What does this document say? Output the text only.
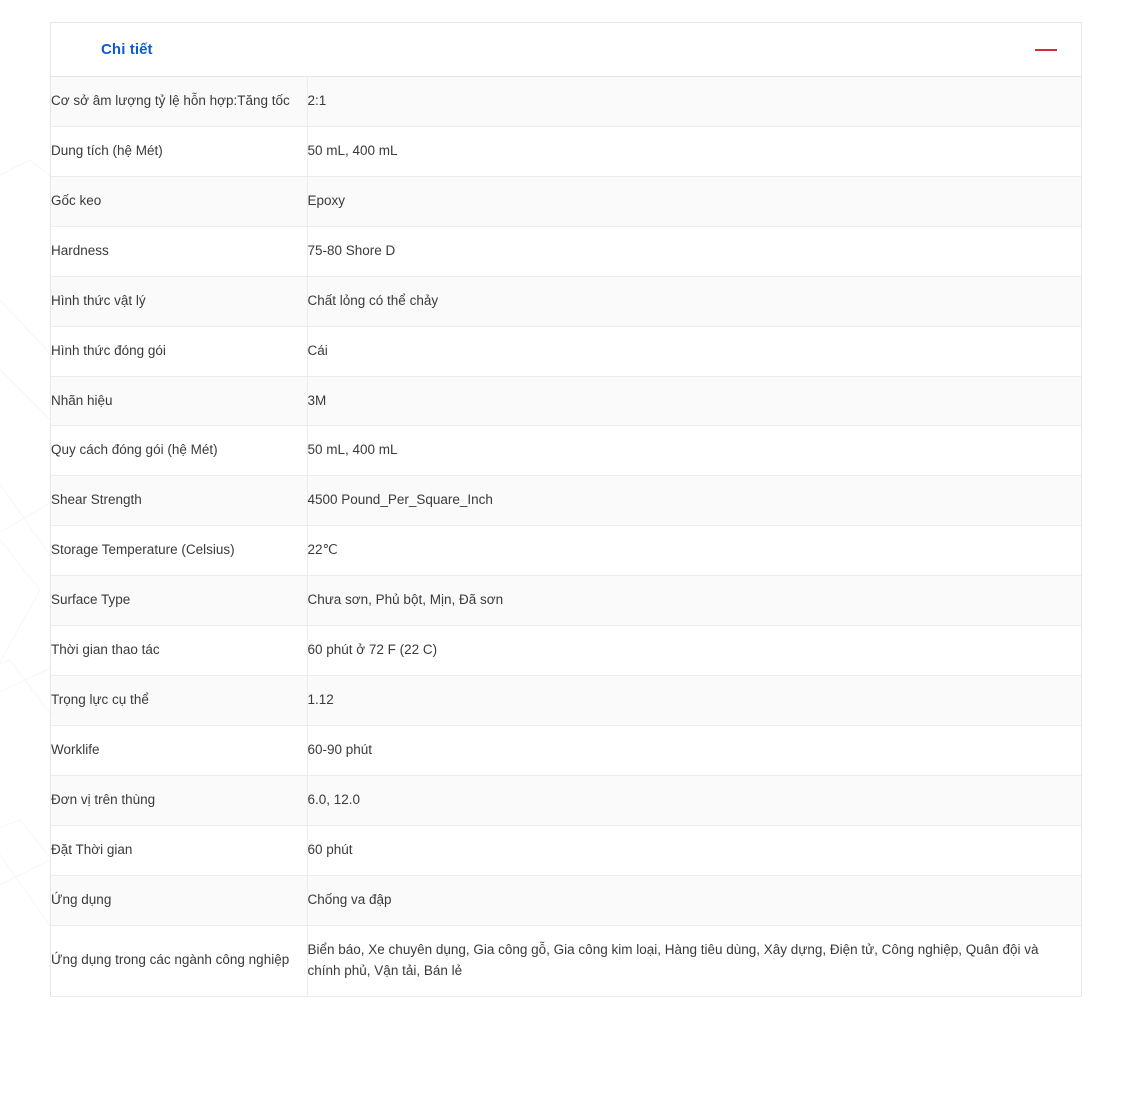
Chi tiết
Cơ sở âm lượng tỷ lệ hỗn hợp:Tăng tốc	2:1
Dung tích (hệ Mét)	50 mL, 400 mL
Gốc keo	Epoxy
Hardness	75-80 Shore D
Hình thức vật lý	Chất lỏng có thể chảy
Hình thức đóng gói	Cái
Nhãn hiệu	3M
Quy cách đóng gói (hệ Mét)	50 mL, 400 mL
Shear Strength	4500 Pound_Per_Square_Inch
Storage Temperature (Celsius)	22℃
Surface Type	Chưa sơn, Phủ bột, Mịn, Đã sơn
Thời gian thao tác	60 phút ở 72 F (22 C)
Trọng lực cụ thể	1.12
Worklife	60-90 phút
Đơn vị trên thùng	6.0, 12.0
Đặt Thời gian	60 phút
Ứng dụng	Chống va đập
Ứng dụng trong các ngành công nghiệp	Biển báo, Xe chuyên dụng, Gia công gỗ, Gia công kim loại, Hàng tiêu dùng, Xây dựng, Điện tử, Công nghiệp, Quân đội và chính phủ, Vận tải, Bán lẻ
